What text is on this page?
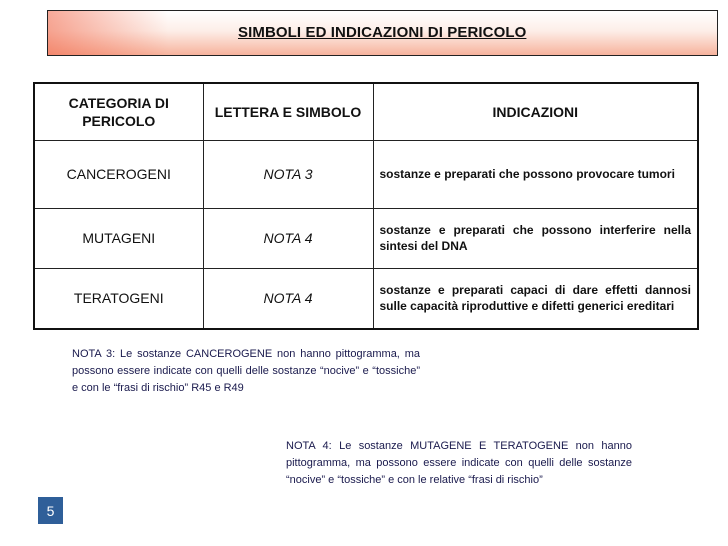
SIMBOLI ED INDICAZIONI DI PERICOLO
CATEGORIA DI PERICOLO	LETTERA E SIMBOLO	INDICAZIONI
CANCEROGENI	NOTA 3	sostanze e preparati che possono provocare tumori
MUTAGENI	NOTA 4	sostanze e preparati che possono interferire nella sintesi del DNA
TERATOGENI	NOTA 4	sostanze e preparati capaci di dare effetti dannosi sulle capacità riproduttive e difetti generici ereditari
NOTA 3: Le sostanze CANCEROGENE non hanno pittogramma, ma possono essere indicate con quelli delle sostanze “nocive” e “tossiche” e con le “frasi di rischio” R45 e R49
NOTA 4: Le sostanze MUTAGENE E TERATOGENE non hanno pittogramma, ma possono essere indicate con quelli delle sostanze “nocive” e “tossiche” e con le relative “frasi di rischio”
5
